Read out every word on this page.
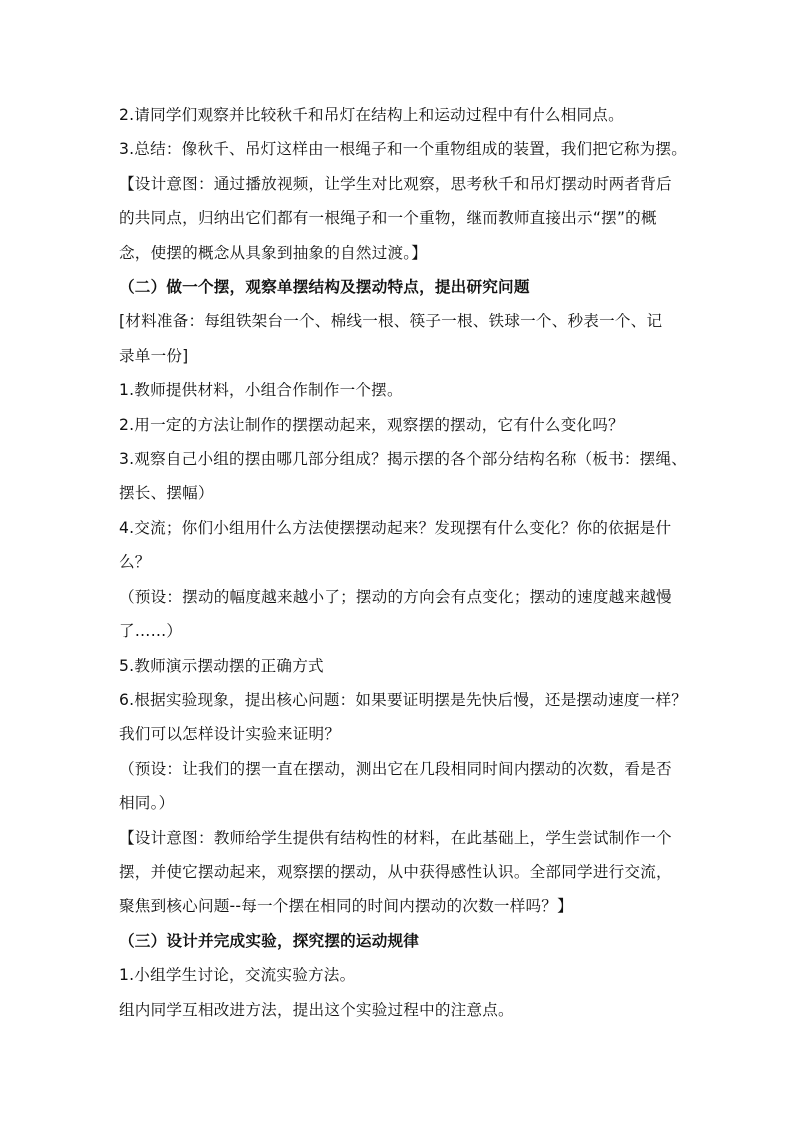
2.请同学们观察并比较秋千和吊灯在结构上和运动过程中有什么相同点。

3.总结：像秋千、吊灯这样由一根绳子和一个重物组成的装置，我们把它称为摆。

【设计意图：通过播放视频，让学生对比观察，思考秋千和吊灯摆动时两者背后
的共同点，归纳出它们都有一根绳子和一个重物，继而教师直接出示“摆”的概
念，使摆的概念从具象到抽象的自然过渡。】

（二）做一个摆，观察单摆结构及摆动特点，提出研究问题

[材料准备：每组铁架台一个、棉线一根、筷子一根、铁球一个、秒表一个、记
录单一份]

1.教师提供材料，小组合作制作一个摆。

2.用一定的方法让制作的摆摆动起来，观察摆的摆动，它有什么变化吗？

3.观察自己小组的摆由哪几部分组成？揭示摆的各个部分结构名称（板书：摆绳、
摆长、摆幅）

4.交流；你们小组用什么方法使摆摆动起来？发现摆有什么变化？你的依据是什
么？

（预设：摆动的幅度越来越小了；摆动的方向会有点变化；摆动的速度越来越慢
了……）

5.教师演示摆动摆的正确方式

6.根据实验现象，提出核心问题：如果要证明摆是先快后慢，还是摆动速度一样？
我们可以怎样设计实验来证明？

（预设：让我们的摆一直在摆动，测出它在几段相同时间内摆动的次数，看是否
相同。）

【设计意图：教师给学生提供有结构性的材料，在此基础上，学生尝试制作一个
摆，并使它摆动起来，观察摆的摆动，从中获得感性认识。全部同学进行交流，
聚焦到核心问题--每一个摆在相同的时间内摆动的次数一样吗？】

（三）设计并完成实验，探究摆的运动规律

1.小组学生讨论，交流实验方法。

组内同学互相改进方法，提出这个实验过程中的注意点。
